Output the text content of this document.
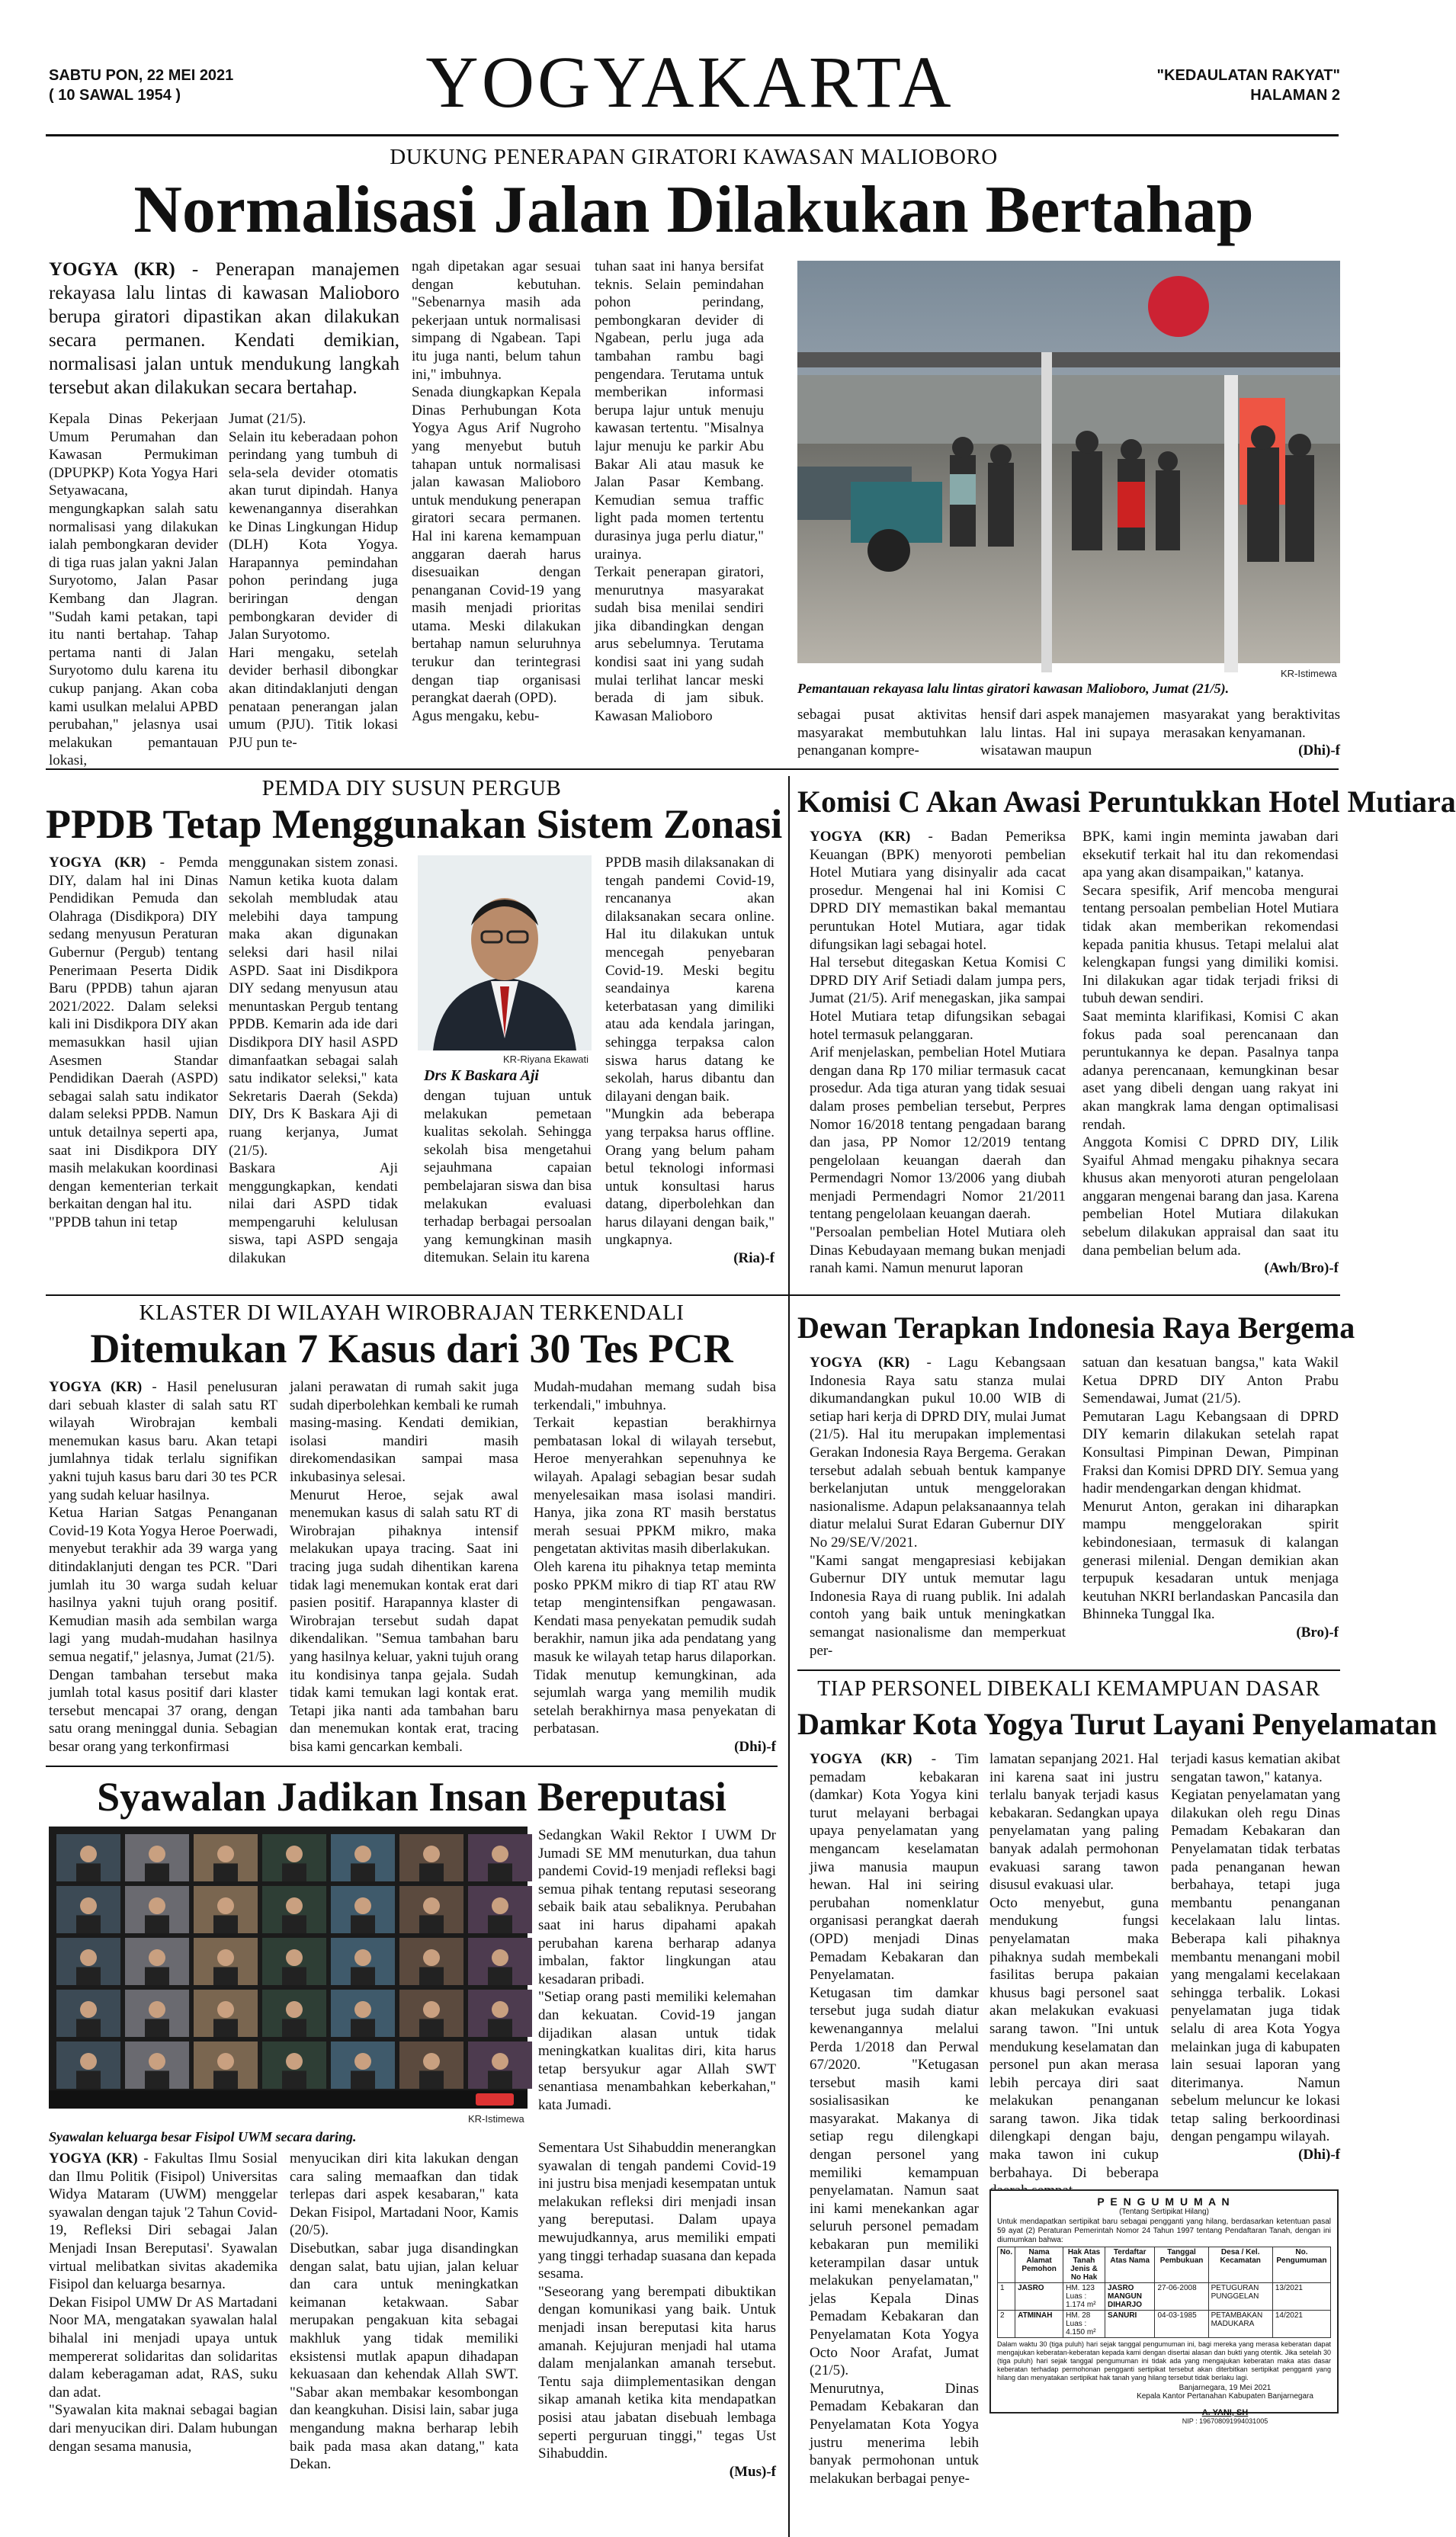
SABTU PON, 22 MEI 2021
( 10 SAWAL 1954 )	YOGYAKARTA	"KEDAULATAN RAKYAT"
HALAMAN 2
DUKUNG PENERAPAN GIRATORI KAWASAN MALIOBORO
Normalisasi Jalan Dilakukan Bertahap
YOGYA (KR) - Penerapan manajemen rekayasa lalu lintas di kawasan Malioboro berupa giratori dipastikan akan dilakukan secara permanen. Kendati demikian, normalisasi jalan untuk mendukung langkah tersebut akan dilakukan secara bertahap.
Kepala Dinas Pekerjaan Umum Perumahan dan Kawasan Permukiman (DPUPKP) Kota Yogya Hari Setyawacana, mengungkapkan salah satu normalisasi yang dilakukan ialah pembongkaran devider di tiga ruas jalan yakni Jalan Suryotomo, Jalan Pasar Kembang dan Jlagran. "Sudah kami petakan, tapi itu nanti bertahap. Tahap pertama nanti di Jalan Suryotomo dulu karena itu cukup panjang. Akan coba kami usulkan melalui APBD perubahan," jelasnya usai melakukan pemantauan lokasi,
Jumat (21/5).
Selain itu keberadaan pohon perindang yang tumbuh di sela-sela devider otomatis akan turut dipindah. Hanya kewenangannya diserahkan ke Dinas Lingkungan Hidup (DLH) Kota Yogya. Harapannya pemindahan pohon perindang juga beriringan dengan pembongkaran devider di Jalan Suryotomo.
Hari mengaku, setelah devider berhasil dibongkar akan ditindaklanjuti dengan penataan penerangan jalan umum (PJU). Titik lokasi PJU pun te-
ngah dipetakan agar sesuai dengan kebutuhan. "Sebenarnya masih ada pekerjaan untuk normalisasi simpang di Ngabean. Tapi itu juga nanti, belum tahun ini," imbuhnya.
Senada diungkapkan Kepala Dinas Perhubungan Kota Yogya Agus Arif Nugroho yang menyebut butuh tahapan untuk normalisasi jalan kawasan Malioboro untuk mendukung penerapan giratori secara permanen. Hal ini karena kemampuan anggaran daerah harus disesuaikan dengan penanganan Covid-19 yang masih menjadi prioritas utama. Meski dilakukan bertahap namun seluruhnya terukur dan terintegrasi dengan tiap organisasi perangkat daerah (OPD).
Agus mengaku, kebu-
tuhan saat ini hanya bersifat teknis. Selain pemindahan pohon perindang, pembongkaran devider di Ngabean, perlu juga ada tambahan rambu bagi pengendara. Terutama untuk memberikan informasi berupa lajur untuk menuju kawasan tertentu. "Misalnya lajur menuju ke parkir Abu Bakar Ali atau masuk ke Jalan Pasar Kembang. Kemudian semua traffic light pada momen tertentu durasinya juga perlu diatur," urainya.
Terkait penerapan giratori, menurutnya masyarakat sudah bisa menilai sendiri jika dibandingkan dengan arus sebelumnya. Terutama kondisi saat ini yang sudah mulai terlihat lancar meski berada di jam sibuk. Kawasan Malioboro
KR-Istimewa
Pemantauan rekayasa lalu lintas giratori kawasan Malioboro, Jumat (21/5).
sebagai pusat aktivitas masyarakat membutuhkan penanganan kompre-
hensif dari aspek manajemen lalu lintas. Hal ini supaya wisatawan maupun
masyarakat yang beraktivitas merasakan kenyamanan.
(Dhi)-f
PEMDA DIY SUSUN PERGUB
PPDB Tetap Menggunakan Sistem Zonasi
YOGYA (KR) - Pemda DIY, dalam hal ini Dinas Pendidikan Pemuda dan Olahraga (Disdikpora) DIY sedang menyusun Peraturan Gubernur (Pergub) tentang Penerimaan Peserta Didik Baru (PPDB) tahun ajaran 2021/2022. Dalam seleksi kali ini Disdikpora DIY akan memasukkan hasil ujian Asesmen Standar Pendidikan Daerah (ASPD) sebagai salah satu indikator dalam seleksi PPDB. Namun untuk detailnya seperti apa, saat ini Disdikpora DIY masih melakukan koordinasi dengan kementerian terkait berkaitan dengan hal itu.
"PPDB tahun ini tetap
menggunakan sistem zonasi. Namun ketika kuota dalam sekolah membludak atau melebihi daya tampung maka akan digunakan seleksi dari hasil nilai ASPD. Saat ini Disdikpora DIY sedang menyusun atau menuntaskan Pergub tentang PPDB. Kemarin ada ide dari Disdikpora DIY hasil ASPD dimanfaatkan sebagai salah satu indikator seleksi," kata Sekretaris Daerah (Sekda) DIY, Drs K Baskara Aji di ruang kerjanya, Jumat (21/5).
Baskara Aji menggungkapkan, kendati nilai dari ASPD tidak mempengaruhi kelulusan siswa, tapi ASPD sengaja dilakukan
KR-Riyana Ekawati
Drs K Baskara Aji
dengan tujuan untuk melakukan pemetaan kualitas sekolah. Sehingga sekolah bisa mengetahui sejauhmana capaian pembelajaran siswa dan bisa melakukan evaluasi terhadap berbagai persoalan yang kemungkinan masih ditemukan. Selain itu karena
PPDB masih dilaksanakan di tengah pandemi Covid-19, rencananya akan dilaksanakan secara online. Hal itu dilakukan untuk mencegah penyebaran Covid-19. Meski begitu seandainya karena keterbatasan yang dimiliki atau ada kendala jaringan, sehingga terpaksa calon siswa harus datang ke sekolah, harus dibantu dan dilayani dengan baik.
"Mungkin ada beberapa yang terpaksa harus offline. Orang yang belum paham betul teknologi informasi untuk konsultasi harus datang, diperbolehkan dan harus dilayani dengan baik," ungkapnya.
(Ria)-f
Komisi C Akan Awasi Peruntukkan Hotel Mutiara
YOGYA (KR) - Badan Pemeriksa Keuangan (BPK) menyoroti pembelian Hotel Mutiara yang disinyalir ada cacat prosedur. Mengenai hal ini Komisi C DPRD DIY memastikan bakal memantau peruntukan Hotel Mutiara, agar tidak difungsikan lagi sebagai hotel.
Hal tersebut ditegaskan Ketua Komisi C DPRD DIY Arif Setiadi dalam jumpa pers, Jumat (21/5). Arif menegaskan, jika sampai Hotel Mutiara tetap difungsikan sebagai hotel termasuk pelanggaran.
Arif menjelaskan, pembelian Hotel Mutiara dengan dana Rp 170 miliar termasuk cacat prosedur. Ada tiga aturan yang tidak sesuai dalam proses pembelian tersebut, Perpres Nomor 16/2018 tentang pengadaan barang dan jasa, PP Nomor 12/2019 tentang pengelolaan keuangan daerah dan Permendagri Nomor 13/2006 yang diubah menjadi Permendagri Nomor 21/2011 tentang pengelolaan keuangan daerah.
"Persoalan pembelian Hotel Mutiara oleh Dinas Kebudayaan memang bukan menjadi ranah kami. Namun menurut laporan
BPK, kami ingin meminta jawaban dari eksekutif terkait hal itu dan rekomendasi apa yang akan disampaikan," katanya.
Secara spesifik, Arif mencoba mengurai tentang persoalan pembelian Hotel Mutiara tidak akan memberikan rekomendasi kepada panitia khusus. Tetapi melalui alat kelengkapan fungsi yang dimiliki komisi. Ini dilakukan agar tidak terjadi friksi di tubuh dewan sendiri.
Saat meminta klarifikasi, Komisi C akan fokus pada soal perencanaan dan peruntukannya ke depan. Pasalnya tanpa adanya perencanaan, kemungkinan besar aset yang dibeli dengan uang rakyat ini akan mangkrak lama dengan optimalisasi rendah.
Anggota Komisi C DPRD DIY, Lilik Syaiful Ahmad mengaku pihaknya secara khusus akan menyoroti aturan pengelolaan anggaran mengenai barang dan jasa. Karena pembelian Hotel Mutiara dilakukan sebelum dilakukan appraisal dan saat itu dana pembelian belum ada.
(Awh/Bro)-f
KLASTER DI WILAYAH WIROBRAJAN TERKENDALI
Ditemukan 7 Kasus dari 30 Tes PCR
YOGYA (KR) - Hasil penelusuran dari sebuah klaster di salah satu RT wilayah Wirobrajan kembali menemukan kasus baru. Akan tetapi jumlahnya tidak terlalu signifikan yakni tujuh kasus baru dari 30 tes PCR yang sudah keluar hasilnya.
Ketua Harian Satgas Penanganan Covid-19 Kota Yogya Heroe Poerwadi, menyebut terakhir ada 39 warga yang ditindaklanjuti dengan tes PCR. "Dari jumlah itu 30 warga sudah keluar hasilnya yakni tujuh orang positif. Kemudian masih ada sembilan warga lagi yang mudah-mudahan hasilnya semua negatif," jelasnya, Jumat (21/5).
Dengan tambahan tersebut maka jumlah total kasus positif dari klaster tersebut mencapai 37 orang, dengan satu orang meninggal dunia. Sebagian besar orang yang terkonfirmasi
jalani perawatan di rumah sakit juga sudah diperbolehkan kembali ke rumah masing-masing. Kendati demikian, isolasi mandiri masih direkomendasikan sampai masa inkubasinya selesai.
Menurut Heroe, sejak awal menemukan kasus di salah satu RT di Wirobrajan pihaknya intensif melakukan upaya tracing. Saat ini tracing juga sudah dihentikan karena tidak lagi menemukan kontak erat dari pasien positif. Harapannya klaster di Wirobrajan tersebut sudah dapat dikendalikan. "Semua tambahan baru yang hasilnya keluar, yakni tujuh orang itu kondisinya tanpa gejala. Sudah tidak kami temukan lagi kontak erat. Tetapi jika nanti ada tambahan baru dan menemukan kontak erat, tracing bisa kami gencarkan kembali.
Mudah-mudahan memang sudah bisa terkendali," imbuhnya.
Terkait kepastian berakhirnya pembatasan lokal di wilayah tersebut, Heroe menyerahkan sepenuhnya ke wilayah. Apalagi sebagian besar sudah menyelesaikan masa isolasi mandiri. Hanya, jika zona RT masih berstatus merah sesuai PPKM mikro, maka pengetatan aktivitas masih diberlakukan.
Oleh karena itu pihaknya tetap meminta posko PPKM mikro di tiap RT atau RW tetap mengintensifkan pengawasan. Kendati masa penyekatan pemudik sudah berakhir, namun jika ada pendatang yang masuk ke wilayah tetap harus dilaporkan. Tidak menutup kemungkinan, ada sejumlah warga yang memilih mudik setelah berakhirnya masa penyekatan di perbatasan.
(Dhi)-f
Dewan Terapkan Indonesia Raya Bergema
YOGYA (KR) - Lagu Kebangsaan Indonesia Raya satu stanza mulai dikumandangkan pukul 10.00 WIB di setiap hari kerja di DPRD DIY, mulai Jumat (21/5). Hal itu merupakan implementasi Gerakan Indonesia Raya Bergema. Gerakan tersebut adalah sebuah bentuk kampanye berkelanjutan untuk menggelorakan nasionalisme. Adapun pelaksanaannya telah diatur melalui Surat Edaran Gubernur DIY No 29/SE/V/2021.
"Kami sangat mengapresiasi kebijakan Gubernur DIY untuk memutar lagu Indonesia Raya di ruang publik. Ini adalah contoh yang baik untuk meningkatkan semangat nasionalisme dan memperkuat per-
satuan dan kesatuan bangsa," kata Wakil Ketua DPRD DIY Anton Prabu Semendawai, Jumat (21/5).
Pemutaran Lagu Kebangsaan di DPRD DIY kemarin dilakukan setelah rapat Konsultasi Pimpinan Dewan, Pimpinan Fraksi dan Komisi DPRD DIY. Semua yang hadir mendengarkan dengan khidmat.
Menurut Anton, gerakan ini diharapkan mampu menggelorakan spirit kebindonesiaan, termasuk di kalangan generasi milenial. Dengan demikian akan terpupuk kesadaran untuk menjaga keutuhan NKRI berlandaskan Pancasila dan Bhinneka Tunggal Ika.
(Bro)-f
TIAP PERSONEL DIBEKALI KEMAMPUAN DASAR
Damkar Kota Yogya Turut Layani Penyelamatan
YOGYA (KR) - Tim pemadam kebakaran (damkar) Kota Yogya kini turut melayani berbagai upaya penyelamatan yang mengancam keselamatan jiwa manusia maupun hewan. Hal ini seiring perubahan nomenklatur organisasi perangkat daerah (OPD) menjadi Dinas Pemadam Kebakaran dan Penyelamatan.
Ketugasan tim damkar tersebut juga sudah diatur kewenangannya melalui Perda 1/2018 dan Perwal 67/2020. "Ketugasan tersebut masih kami sosialisasikan ke masyarakat. Makanya di setiap regu dilengkapi dengan personel yang memiliki kemampuan penyelamatan. Namun saat ini kami menekankan agar seluruh personel pemadam kebakaran pun memiliki keterampilan dasar untuk melakukan penyelamatan," jelas Kepala Dinas Pemadam Kebakaran dan Penyelamatan Kota Yogya Octo Noor Arafat, Jumat (21/5).
Menurutnya, Dinas Pemadam Kebakaran dan Penyelamatan Kota Yogya justru menerima lebih banyak permohonan untuk melakukan berbagai penye-
lamatan sepanjang 2021. Hal ini karena saat ini justru terlalu banyak terjadi kasus kebakaran. Sedangkan upaya penyelamatan yang paling banyak adalah permohonan evakuasi sarang tawon disusul evakuasi ular.
Octo menyebut, guna mendukung fungsi penyelamatan maka pihaknya sudah membekali fasilitas berupa pakaian khusus bagi personel saat akan melakukan evakuasi sarang tawon. "Ini untuk mendukung keselamatan dan personel pun akan merasa lebih percaya diri saat melakukan penanganan sarang tawon. Jika tidak dilengkapi dengan baju, maka tawon ini cukup berbahaya. Di beberapa
terjadi kasus kematian akibat sengatan tawon," katanya.
Kegiatan penyelamatan yang dilakukan oleh regu Dinas Pemadam Kebakaran dan Penyelamatan tidak terbatas pada penanganan hewan berbahaya, tetapi juga membantu penanganan kecelakaan lalu lintas. Beberapa kali pihaknya membantu menangani mobil yang mengalami kecelakaan sehingga terbalik. Lokasi penyelamatan juga tidak selalu di area Kota Yogya melainkan juga di kabupaten lain sesuai laporan yang diterimanya. Namun sebelum meluncur ke lokasi tetap saling berkoordinasi dengan pengampu wilayah.
(Dhi)-f
P E N G U M U M A N
(Tentang Sertipikat Hilang)
Untuk mendapatkan sertipikat baru sebagai pengganti yang hilang, berdasarkan ketentuan pasal 59 ayat (2) Peraturan Pemerintah Nomor 24 Tahun 1997 tentang Pendaftaran Tanah, dengan ini diumumkan bahwa:
No.	Nama Alamat Pemohon	Hak Atas Tanah Jenis & No Hak	Terdaftar Atas Nama	Tanggal Pembukuan	Desa / Kel. Kecamatan	No. Pengumuman
1	JASRO	HM. 123 Luas : 1.174 m²	JASRO MANGUN DIHARJO	27-06-2008	PETUGURAN PUNGGELAN	13/2021
2	ATMINAH	HM. 28 Luas : 4.150 m²	SANURI	04-03-1985	PETAMBAKAN MADUKARA	14/2021
Dalam waktu 30 (tiga puluh) hari sejak tanggal pengumuman ini, bagi mereka yang merasa keberatan dapat mengajukan keberatan-keberatan kepada kami dengan disertai alasan dan bukti yang otentik. Jika setelah 30 (tiga puluh) hari sejak tanggal pengumuman ini tidak ada yang mengajukan keberatan maka atas dasar keberatan terhadap permohonan pengganti sertipikat tersebut akan diterbitkan sertipikat pengganti yang hilang dan menyatakan sertipikat hak tanah yang hilang tersebut tidak berlaku lagi.
Banjarnegara, 19 Mei 2021
Kepala Kantor Pertanahan Kabupaten Banjarnegara
A. YANI, SH
NIP : 196708091994031005
Syawalan Jadikan Insan Bereputasi
KR-Istimewa
Syawalan keluarga besar Fisipol UWM secara daring.
Sedangkan Wakil Rektor I UWM Dr Jumadi SE MM menuturkan, dua tahun pandemi Covid-19 menjadi refleksi bagi semua pihak tentang reputasi seseorang sebaik baik atau sebaliknya. Perubahan saat ini harus dipahami apakah perubahan karena berharap adanya imbalan, faktor lingkungan atau kesadaran pribadi.
"Setiap orang pasti memiliki kelemahan dan kekuatan. Covid-19 jangan dijadikan alasan untuk tidak meningkatkan kualitas diri, kita harus tetap bersyukur agar Allah SWT senantiasa menambahkan keberkahan," kata Jumadi.
YOGYA (KR) - Fakultas Ilmu Sosial dan Ilmu Politik (Fisipol) Universitas Widya Mataram (UWM) menggelar syawalan dengan tajuk '2 Tahun Covid-19, Refleksi Diri sebagai Jalan Menjadi Insan Bereputasi'. Syawalan virtual melibatkan sivitas akademika Fisipol dan keluarga besarnya.
Dekan Fisipol UMW Dr AS Martadani Noor MA, mengatakan syawalan halal bihalal ini menjadi upaya untuk mempererat solidaritas dan solidaritas dalam keberagaman adat, RAS, suku dan adat.
"Syawalan kita maknai sebagai bagian dari menyucikan diri. Dalam hubungan dengan sesama manusia,
menyucikan diri kita lakukan dengan cara saling memaafkan dan tidak terlepas dari aspek kesabaran," kata Dekan Fisipol, Martadani Noor, Kamis (20/5).
Disebutkan, sabar juga disandingkan dengan salat, batu ujian, jalan keluar dan cara untuk meningkatkan keimanan ketakwaan. Sabar merupakan pengakuan kita sebagai makhluk yang tidak memiliki eksistensi mutlak apapun dihadapan kekuasaan dan kehendak Allah SWT. "Sabar akan membakar kesombongan dan keangkuhan. Disisi lain, sabar juga mengandung makna berharap lebih baik pada masa akan datang," kata Dekan.
Sementara Ust Sihabuddin menerangkan syawalan di tengah pandemi Covid-19 ini justru bisa menjadi kesempatan untuk melakukan refleksi diri menjadi insan yang bereputasi. Dalam upaya mewujudkannya, arus memiliki empati yang tinggi terhadap suasana dan kepada sesama.
"Seseorang yang berempati dibuktikan dengan komunikasi yang baik. Untuk menjadi insan bereputasi kita harus amanah. Kejujuran menjadi hal utama dalam menjalankan amanah tersebut. Tentu saja diimplementasikan dengan sikap amanah ketika kita mendapatkan posisi atau jabatan disebuah lembaga seperti perguruan tinggi," tegas Ust Sihabuddin.
(Mus)-f
